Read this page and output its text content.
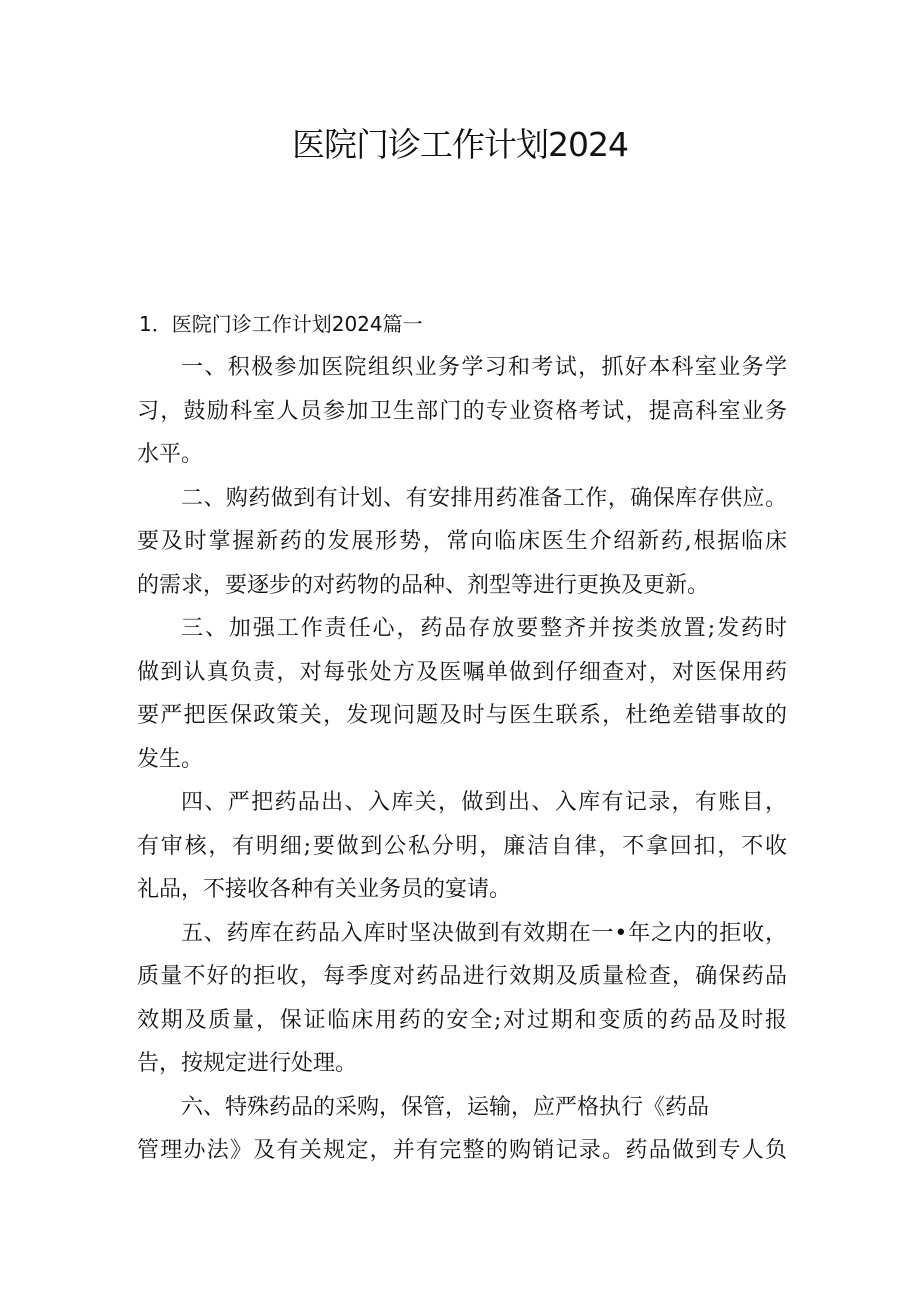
医院门诊工作计划2024
1．医院门诊工作计划2024篇一

一、积极参加医院组织业务学习和考试，抓好本科室业务学
习，鼓励科室人员参加卫生部门的专业资格考试，提高科室业务
水平。

二、购药做到有计划、有安排用药准备工作，确保库存供应。
要及时掌握新药的发展形势，常向临床医生介绍新药,根据临床
的需求，要逐步的对药物的品种、剂型等进行更换及更新。

三、加强工作责任心，药品存放要整齐并按类放置;发药时
做到认真负责，对每张处方及医嘱单做到仔细查对，对医保用药
要严把医保政策关，发现问题及时与医生联系，杜绝差错事故的
发生。

四、严把药品出、入库关，做到出、入库有记录，有账目，
有审核，有明细;要做到公私分明，廉洁自律，不拿回扣，不收
礼品，不接收各种有关业务员的宴请。

五、药库在药品入库时坚决做到有效期在一•年之内的拒收，
质量不好的拒收，每季度对药品进行效期及质量检查，确保药品
效期及质量，保证临床用药的安全;对过期和变质的药品及时报
告，按规定进行处理。

六、特殊药品的采购，保管，运输，应严格执行《药品
管理办法》及有关规定，并有完整的购销记录。药品做到专人负
